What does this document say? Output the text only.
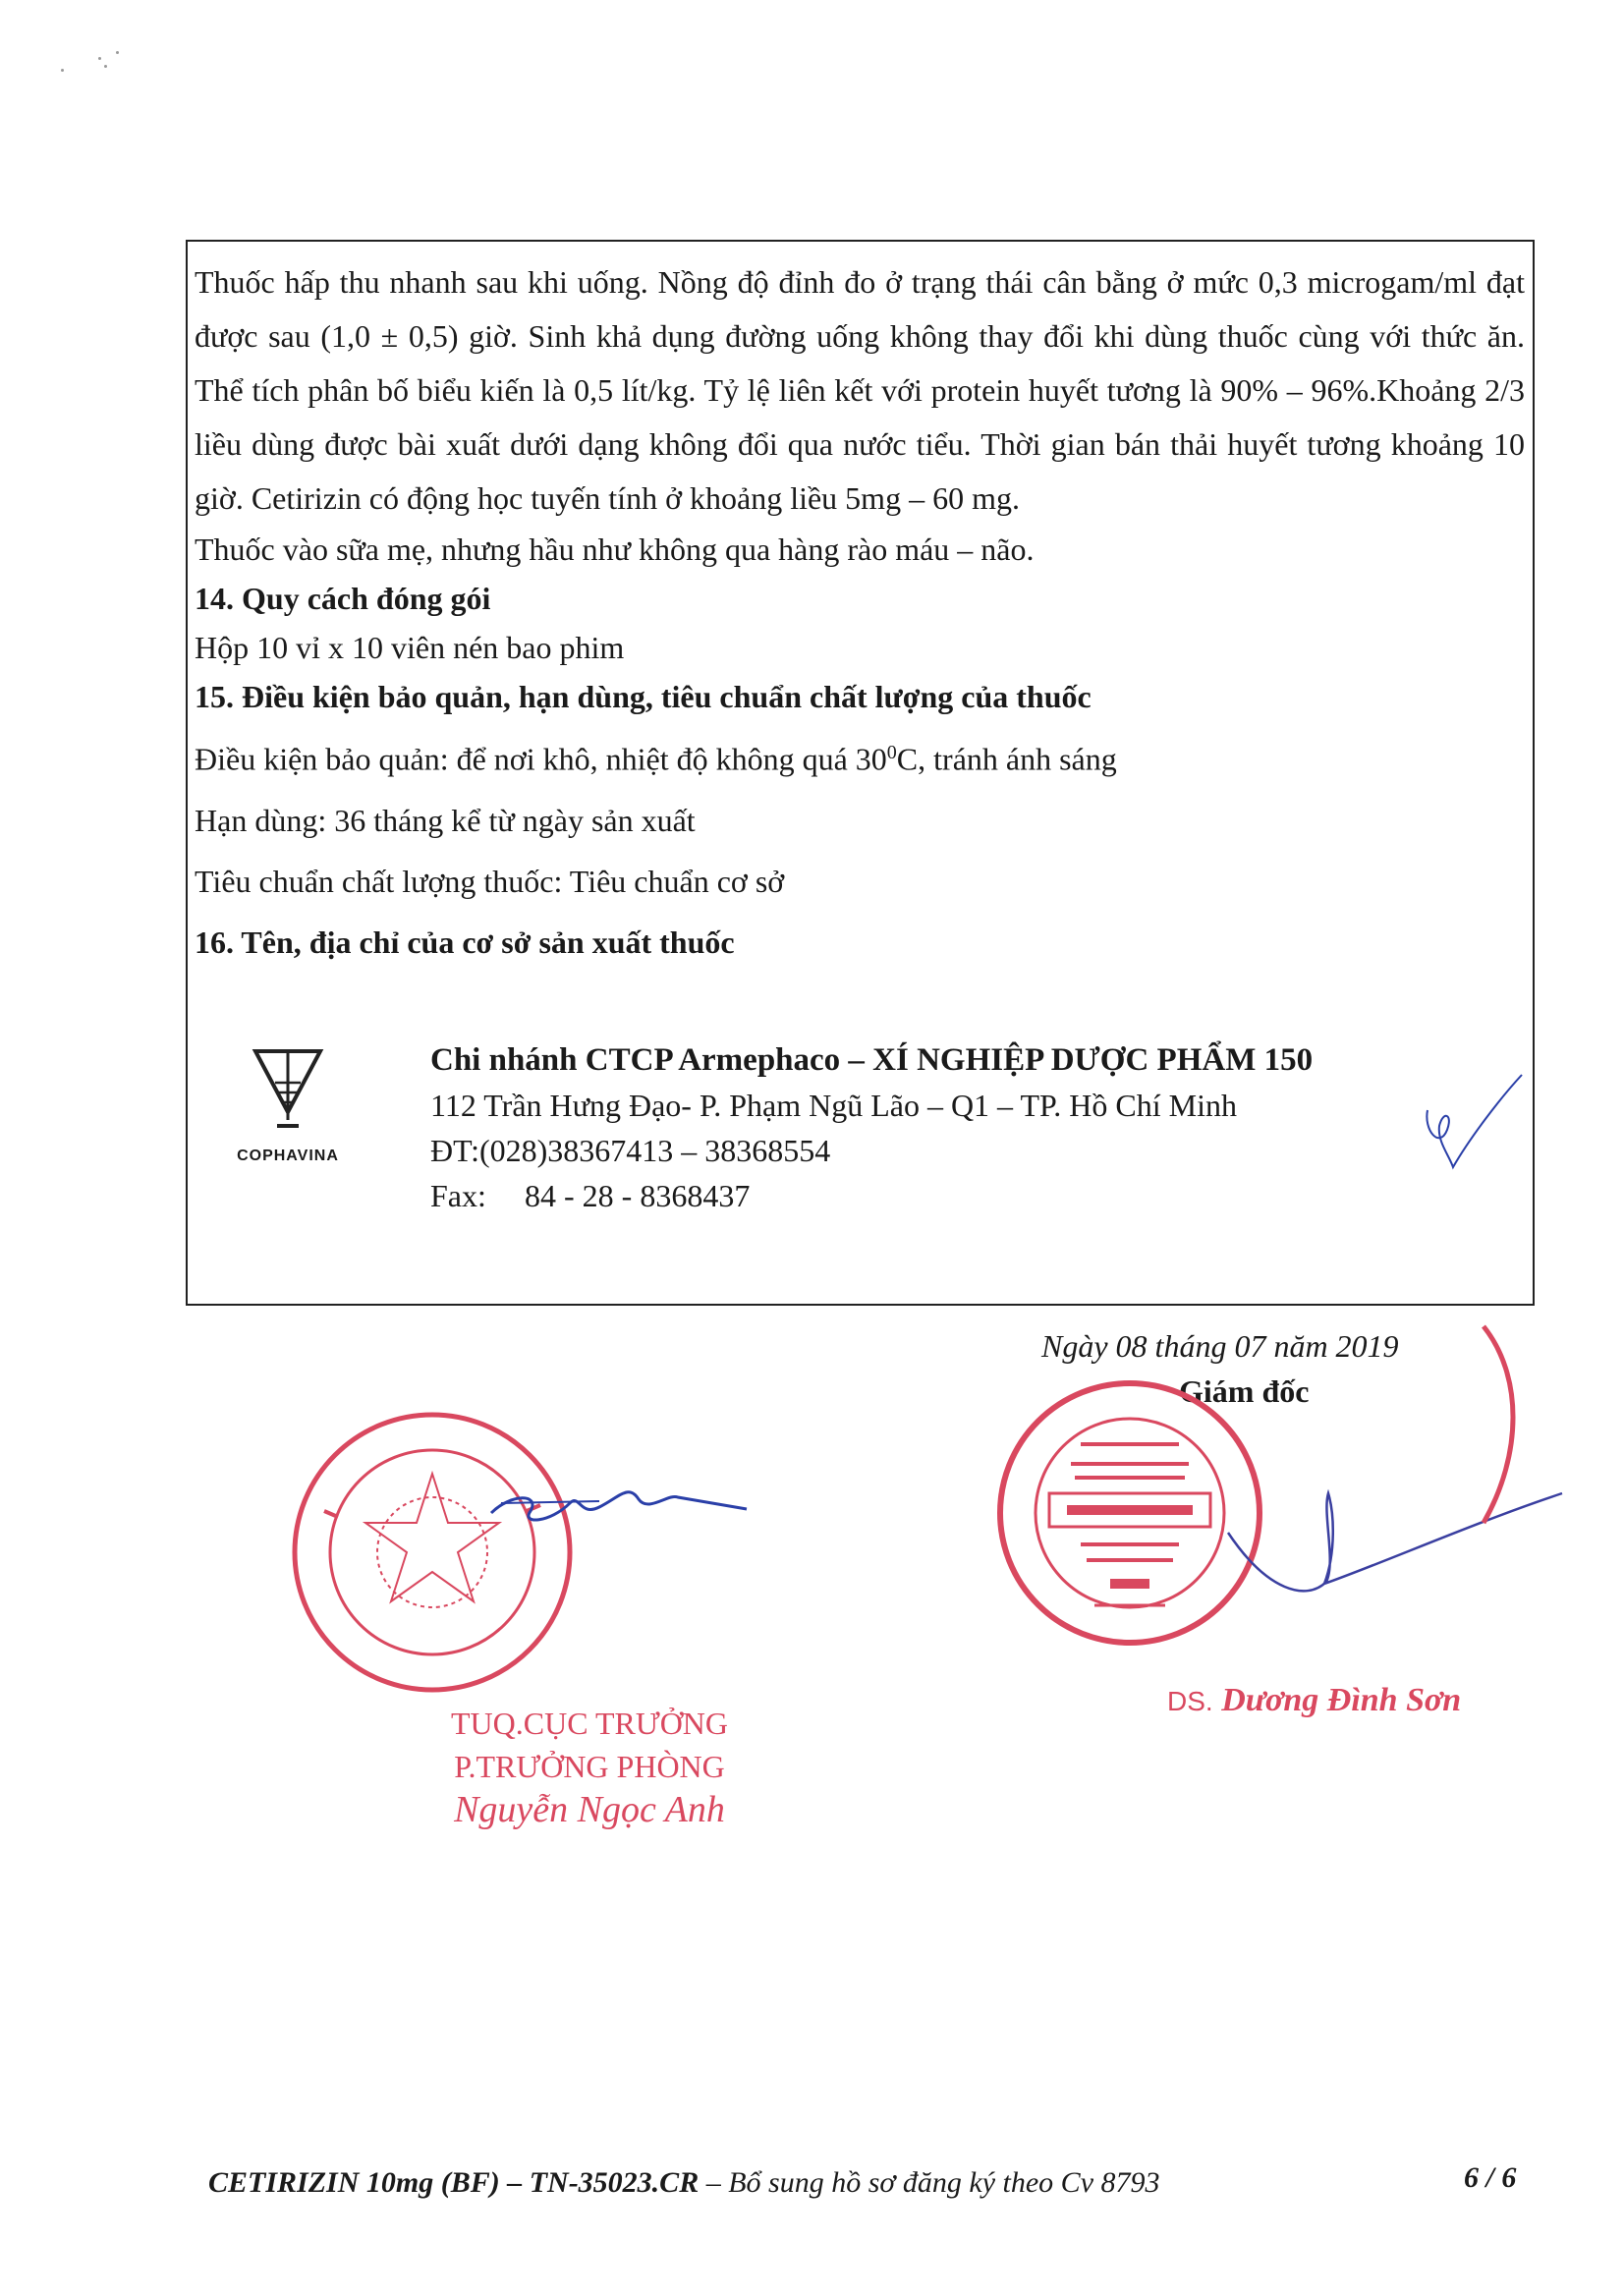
Thuốc hấp thu nhanh sau khi uống. Nồng độ đỉnh đo ở trạng thái cân bằng ở mức 0,3 microgam/ml đạt được sau (1,0 ± 0,5) giờ. Sinh khả dụng đường uống không thay đổi khi dùng thuốc cùng với thức ăn. Thể tích phân bố biểu kiến là 0,5 lít/kg. Tỷ lệ liên kết với protein huyết tương là 90% – 96%.Khoảng 2/3 liều dùng được bài xuất dưới dạng không đổi qua nước tiểu. Thời gian bán thải huyết tương khoảng 10 giờ. Cetirizin có động học tuyến tính ở khoảng liều 5mg – 60 mg.

Thuốc vào sữa mẹ, nhưng hầu như không qua hàng rào máu – não.

14. Quy cách đóng gói

Hộp 10 vỉ x 10 viên nén bao phim

15. Điều kiện bảo quản, hạn dùng, tiêu chuẩn chất lượng của thuốc

Điều kiện bảo quản: để nơi khô, nhiệt độ không quá $30^0C$, tránh ánh sáng

Hạn dùng: 36 tháng kể từ ngày sản xuất

Tiêu chuẩn chất lượng thuốc: Tiêu chuẩn cơ sở

16. Tên, địa chỉ của cơ sở sản xuất thuốc

COPHAVINA
Chi nhánh CTCP Armephaco – XÍ NGHIỆP DƯỢC PHẨM 150
112 Trần Hưng Đạo- P. Phạm Ngũ Lão – Q1 – TP. Hồ Chí Minh
ĐT:(028)38367413 – 38368554
Fax: 84 - 28 - 8368437
Ngày 08 tháng 07 năm 2019
Giám đốc
TUQ.CỤC TRƯỞNG
P.TRƯỞNG PHÒNG
Nguyễn Ngọc Anh
DS. Dương Đình Sơn
CETIRIZIN 10mg (BF) – TN-35023.CR – Bổ sung hồ sơ đăng ký theo Cv 8793	6 / 6
